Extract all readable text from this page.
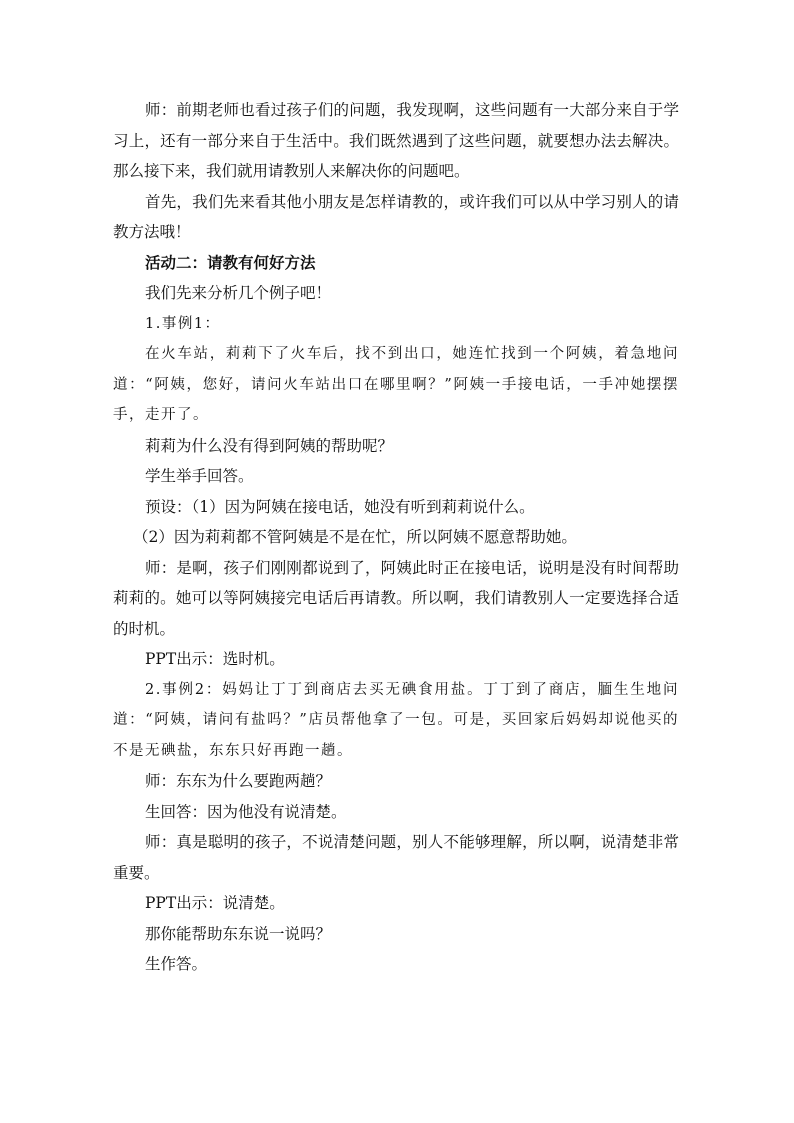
师：前期老师也看过孩子们的问题，我发现啊，这些问题有一大部分来自于学习上，还有一部分来自于生活中。我们既然遇到了这些问题，就要想办法去解决。那么接下来，我们就用请教别人来解决你的问题吧。

首先，我们先来看其他小朋友是怎样请教的，或许我们可以从中学习别人的请教方法哦！

活动二：请教有何好方法

我们先来分析几个例子吧！

1.事例1：

在火车站，莉莉下了火车后，找不到出口，她连忙找到一个阿姨，着急地问道：“阿姨，您好，请问火车站出口在哪里啊？”阿姨一手接电话，一手冲她摆摆手，走开了。

莉莉为什么没有得到阿姨的帮助呢？

学生举手回答。

预设：（1）因为阿姨在接电话，她没有听到莉莉说什么。

（2）因为莉莉都不管阿姨是不是在忙，所以阿姨不愿意帮助她。

师：是啊，孩子们刚刚都说到了，阿姨此时正在接电话，说明是没有时间帮助莉莉的。她可以等阿姨接完电话后再请教。所以啊，我们请教别人一定要选择合适的时机。

PPT出示：选时机。

2.事例2：妈妈让丁丁到商店去买无碘食用盐。丁丁到了商店，腼生生地问道：“阿姨，请问有盐吗？”店员帮他拿了一包。可是，买回家后妈妈却说他买的不是无碘盐，东东只好再跑一趟。

师：东东为什么要跑两趟？

生回答：因为他没有说清楚。

师：真是聪明的孩子，不说清楚问题，别人不能够理解，所以啊，说清楚非常重要。

PPT出示：说清楚。

那你能帮助东东说一说吗？

生作答。
